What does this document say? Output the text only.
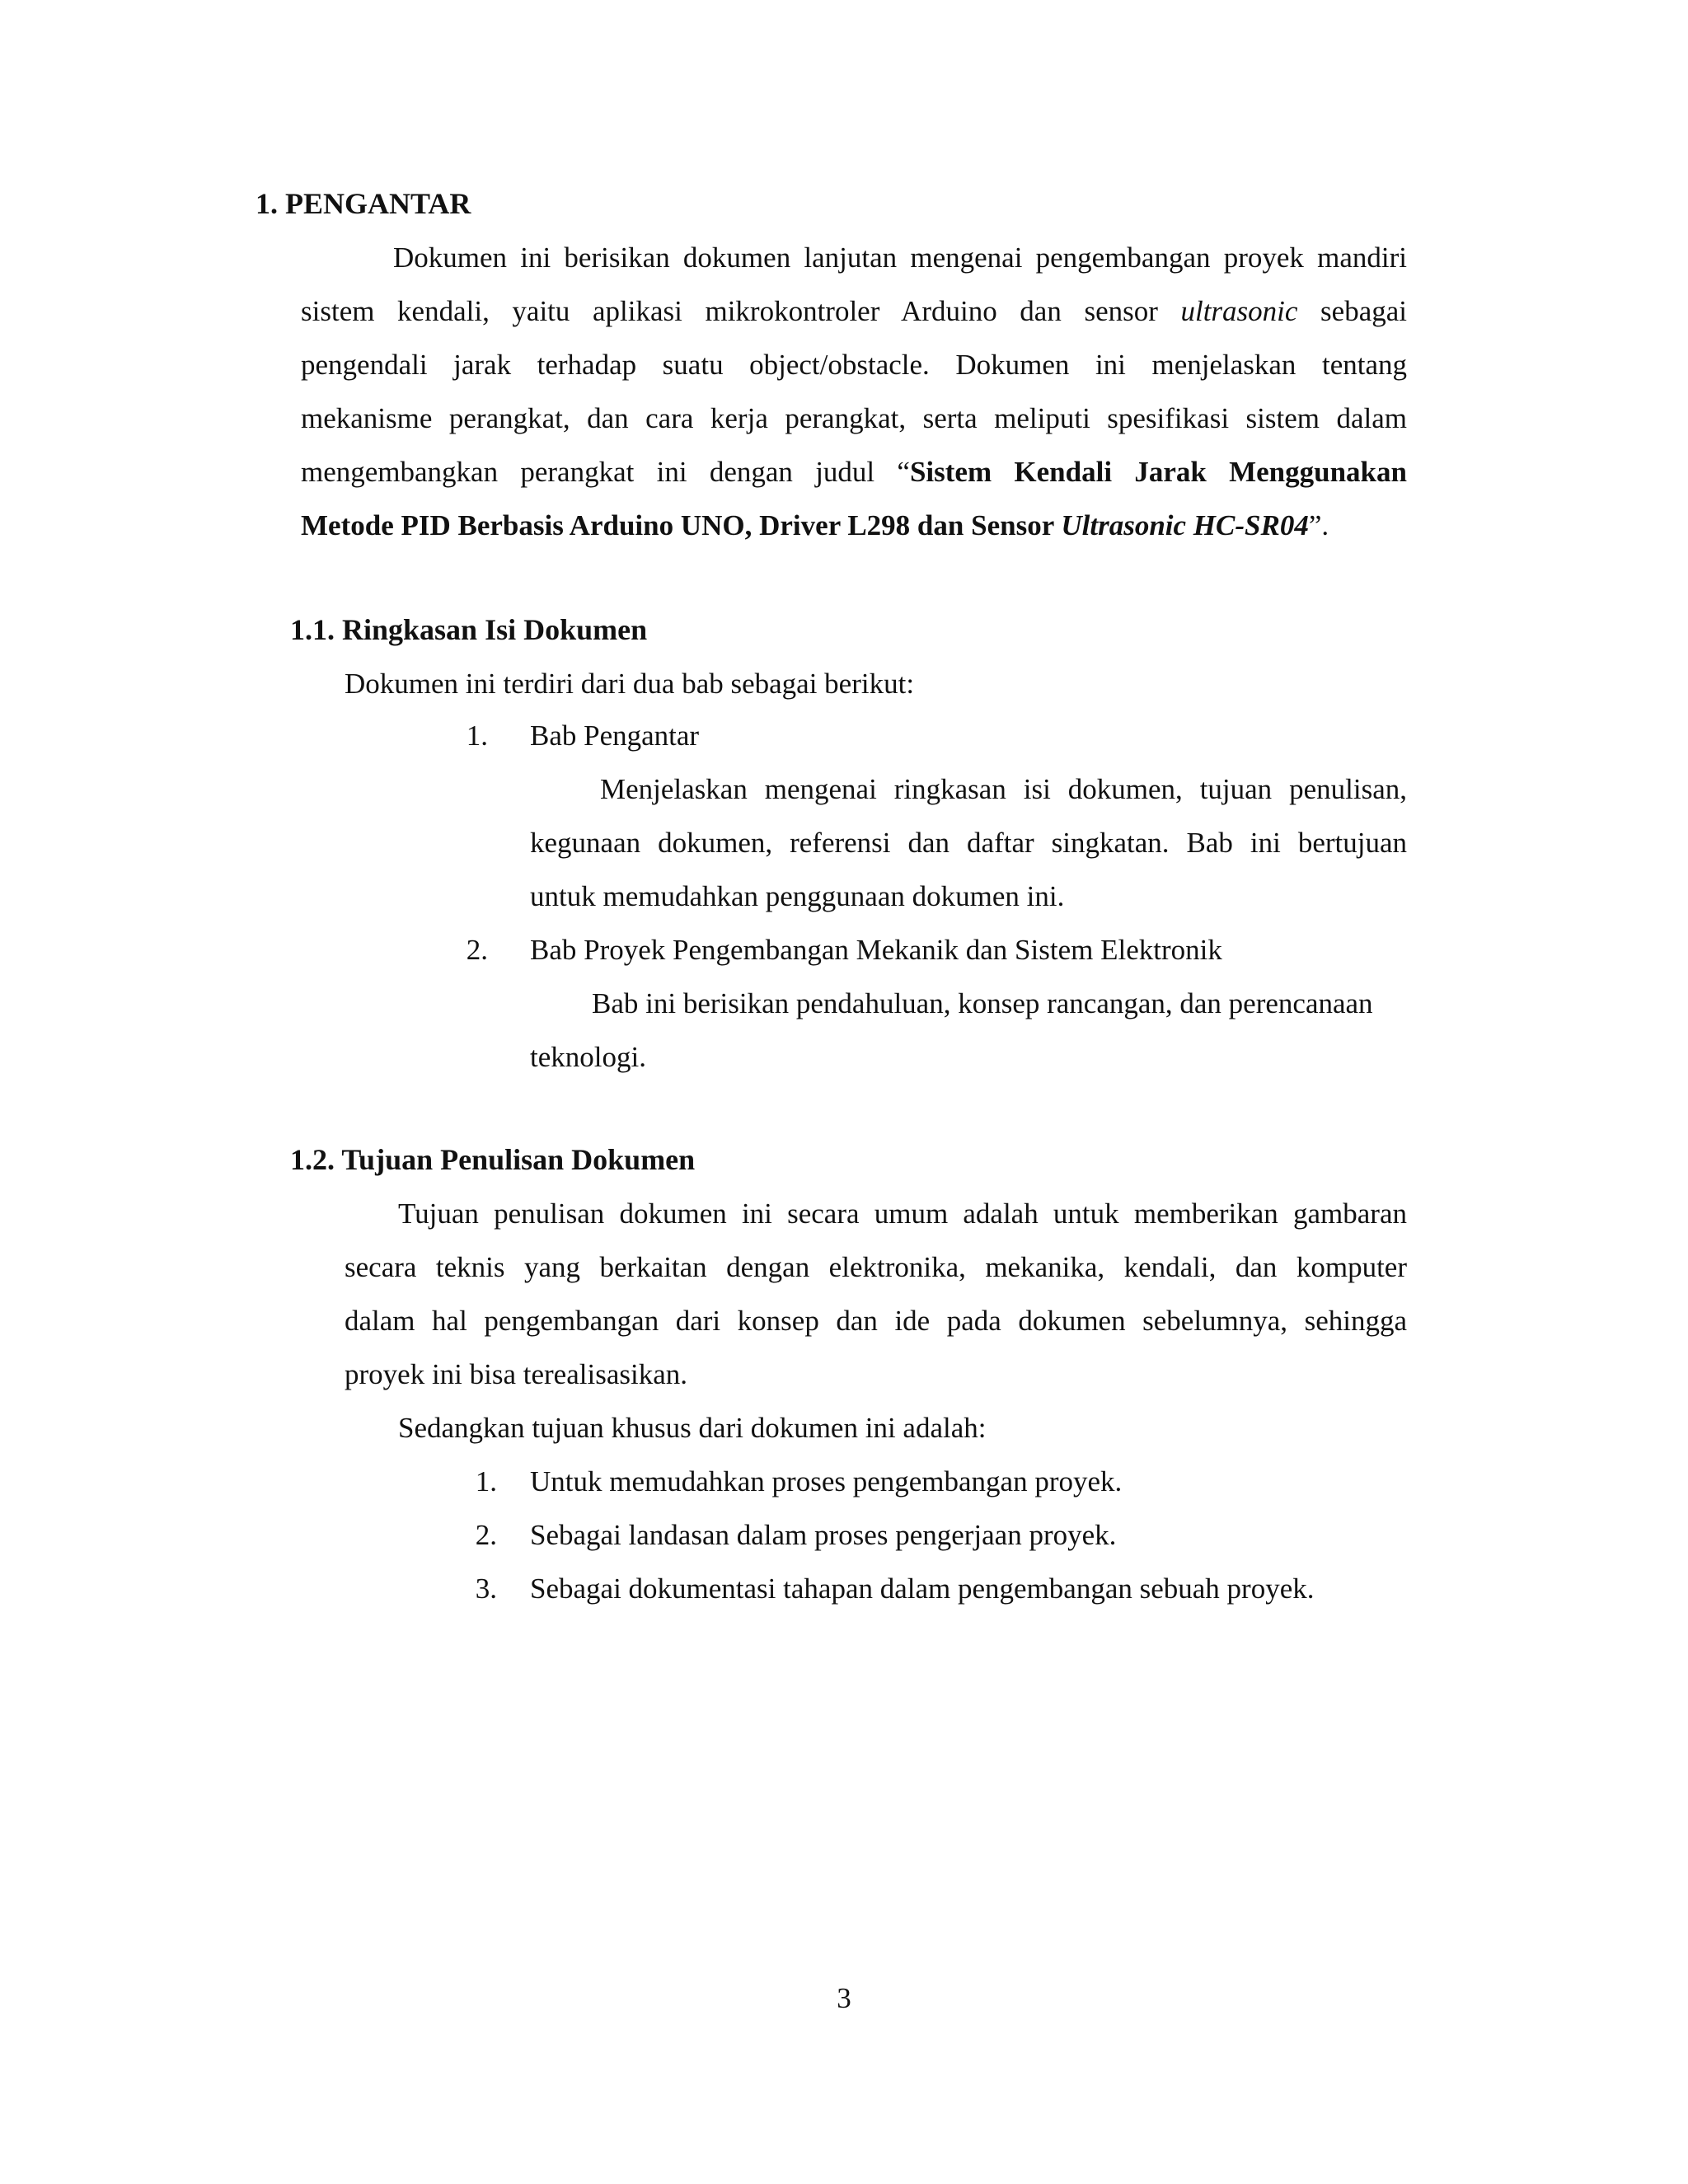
1. PENGANTAR
Dokumen ini berisikan dokumen lanjutan mengenai pengembangan proyek mandiri
sistem kendali, yaitu aplikasi mikrokontroler Arduino dan sensor ultrasonic sebagai
pengendali jarak terhadap suatu object/obstacle. Dokumen ini menjelaskan tentang
mekanisme perangkat, dan cara kerja perangkat, serta meliputi spesifikasi sistem dalam
mengembangkan perangkat ini dengan judul “Sistem Kendali Jarak Menggunakan
Metode PID Berbasis Arduino UNO, Driver L298 dan Sensor Ultrasonic HC-SR04”.
1.1. Ringkasan Isi Dokumen
Dokumen ini terdiri dari dua bab sebagai berikut:
1. Bab Pengantar
Menjelaskan mengenai ringkasan isi dokumen, tujuan penulisan,
kegunaan dokumen, referensi dan daftar singkatan. Bab ini bertujuan
untuk memudahkan penggunaan dokumen ini.
2. Bab Proyek Pengembangan Mekanik dan Sistem Elektronik
Bab ini berisikan pendahuluan, konsep rancangan, dan perencanaan
teknologi.
1.2. Tujuan Penulisan Dokumen
Tujuan penulisan dokumen ini secara umum adalah untuk memberikan gambaran
secara teknis yang berkaitan dengan elektronika, mekanika, kendali, dan komputer
dalam hal pengembangan dari konsep dan ide pada dokumen sebelumnya, sehingga
proyek ini bisa terealisasikan.
Sedangkan tujuan khusus dari dokumen ini adalah:
1. Untuk memudahkan proses pengembangan proyek.
2. Sebagai landasan dalam proses pengerjaan proyek.
3. Sebagai dokumentasi tahapan dalam pengembangan sebuah proyek.
3
